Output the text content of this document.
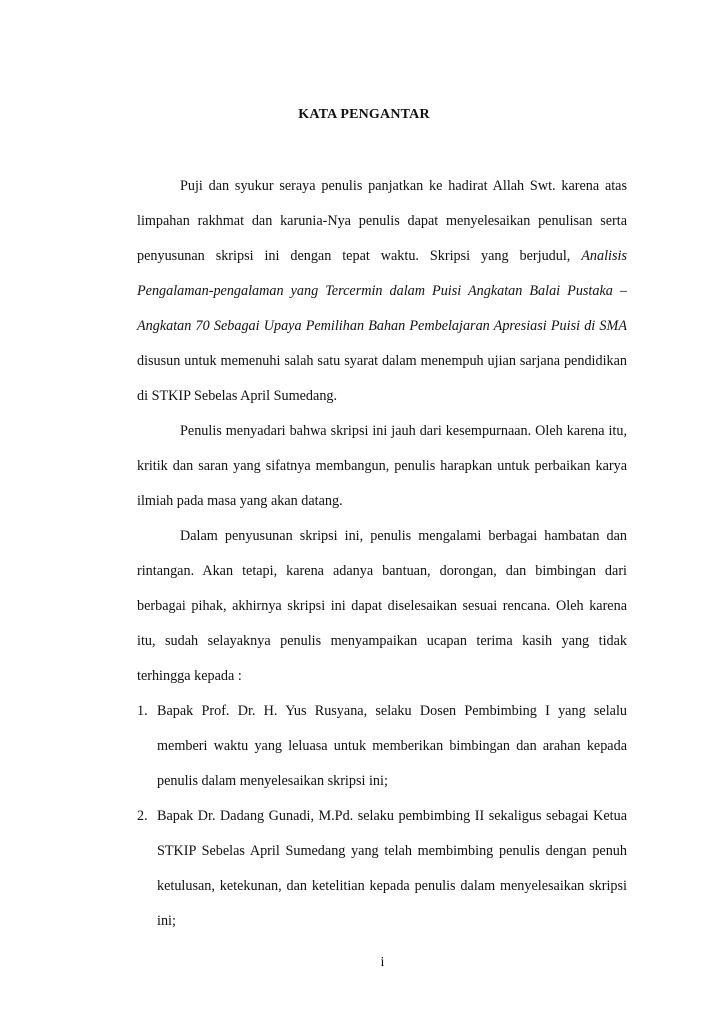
KATA PENGANTAR

Puji dan syukur seraya penulis panjatkan ke hadirat Allah Swt. karena atas limpahan rakhmat dan karunia-Nya penulis dapat menyelesaikan penulisan serta penyusunan skripsi ini dengan tepat waktu. Skripsi yang berjudul, Analisis Pengalaman-pengalaman yang Tercermin dalam Puisi Angkatan Balai Pustaka – Angkatan 70 Sebagai Upaya Pemilihan Bahan Pembelajaran Apresiasi Puisi di SMA disusun untuk memenuhi salah satu syarat dalam menempuh ujian sarjana pendidikan di STKIP Sebelas April Sumedang.

Penulis menyadari bahwa skripsi ini jauh dari kesempurnaan. Oleh karena itu, kritik dan saran yang sifatnya membangun, penulis harapkan untuk perbaikan karya ilmiah pada masa yang akan datang.

Dalam penyusunan skripsi ini, penulis mengalami berbagai hambatan dan rintangan. Akan tetapi, karena adanya bantuan, dorongan, dan bimbingan dari berbagai pihak, akhirnya skripsi ini dapat diselesaikan sesuai rencana. Oleh karena itu, sudah selayaknya penulis menyampaikan ucapan terima kasih yang tidak terhingga kepada :

1. Bapak Prof. Dr. H. Yus Rusyana, selaku Dosen Pembimbing I yang selalu memberi waktu yang leluasa untuk memberikan bimbingan dan arahan kepada penulis dalam menyelesaikan skripsi ini;
2. Bapak Dr. Dadang Gunadi, M.Pd. selaku pembimbing II sekaligus sebagai Ketua STKIP Sebelas April Sumedang yang telah membimbing penulis dengan penuh ketulusan, ketekunan, dan ketelitian kepada penulis dalam menyelesaikan skripsi ini;
i
